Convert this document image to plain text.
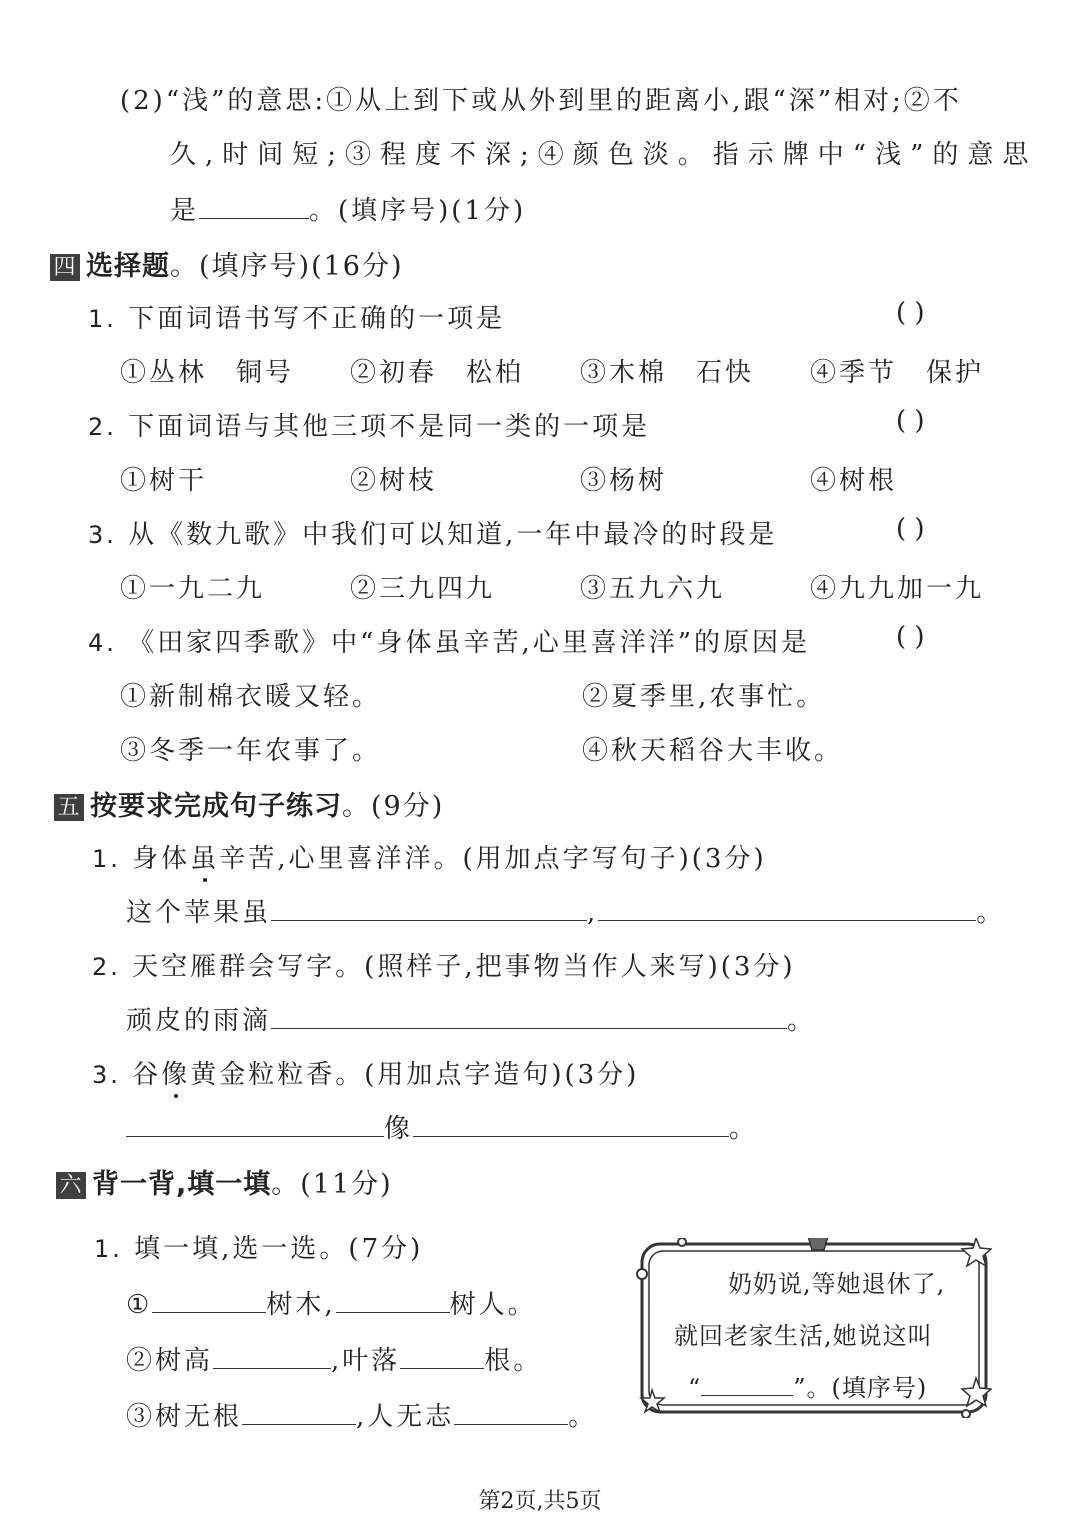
(2)“浅”的意思:①从上到下或从外到里的距离小,跟“深”相对;②不
久,时间短;③程度不深;④颜色淡。指示牌中“浅”的意思
是	。(填序号)(1分)
四 选择题。(填序号)(16分)
1. 下面词语书写不正确的一项是	( )
①丛林　铜号 ②初春　松柏 ③木棉　石快 ④季节　保护
2. 下面词语与其他三项不是同一类的一项是	( )
①树干	②树枝	③杨树	④树根
3. 从《数九歌》中我们可以知道,一年中最冷的时段是	( )
①一九二九	②三九四九	③五九六九	④九九加一九
4. 《田家四季歌》中“身体虽辛苦,心里喜洋洋”的原因是	( )
①新制棉衣暖又轻。	②夏季里,农事忙。
③冬季一年农事了。	④秋天稻谷大丰收。
五 按要求完成句子练习。(9分)
1. 身体虽辛苦,心里喜洋洋。(用加点字写句子)(3分)
这个苹果虽	,	。
2. 天空雁群会写字。(照样子,把事物当作人来写)(3分)
顽皮的雨滴	。
3. 谷像黄金粒粒香。(用加点字造句)(3分)
像	。
六 背一背,填一填。(11分)
1. 填一填,选一选。(7分)
①	树木,	树人。
②树高	,叶落	根。
③树无根	,人无志	。
奶奶说,等她退休了,
就回老家生活,她说这叫
“	”。(填序号)
第2页,共5页
